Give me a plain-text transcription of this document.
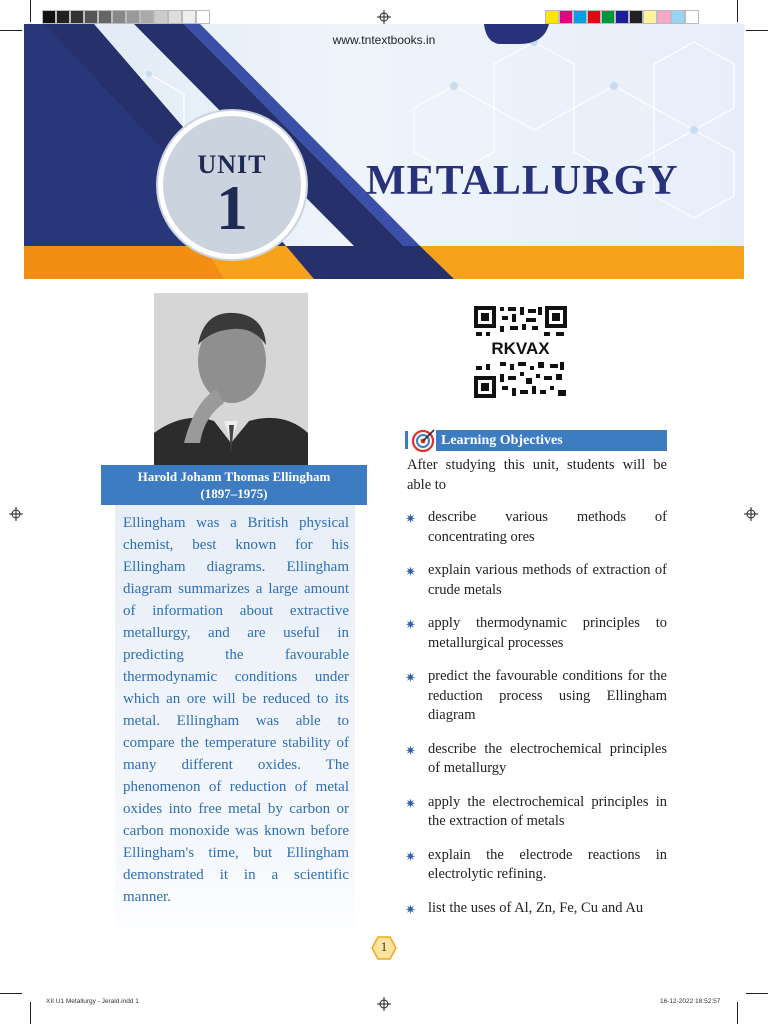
www.tntextbooks.in
UNIT
1	METALLURGY
Harold Johann Thomas Ellingham
(1897–1975)
Ellingham was a British physical chemist, best known for his Ellingham diagrams. Ellingham diagram summarizes a large amount of information about extractive metallurgy, and are useful in predicting the favourable thermodynamic conditions under which an ore will be reduced to its metal. Ellingham was able to compare the temperature stability of many different oxides. The phenomenon of reduction of metal oxides into free metal by carbon or carbon monoxide was known before Ellingham's time, but Ellingham demonstrated it in a scientific manner.
RKVAX
Learning Objectives
After studying this unit, students will be able to
✷ describe various methods of concentrating ores
✷ explain various methods of extraction of crude metals
✷ apply thermodynamic principles to metallurgical processes
✷ predict the favourable conditions for the reduction process using Ellingham diagram
✷ describe the electrochemical principles of metallurgy
✷ apply the electrochemical principles in the extraction of metals
✷ explain the electrode reactions in electrolytic refining.
✷ list the uses of Al, Zn, Fe, Cu and Au
1
XII U1 Metallurgy - Jerald.indd 1	16-12-2022 18:52:57
